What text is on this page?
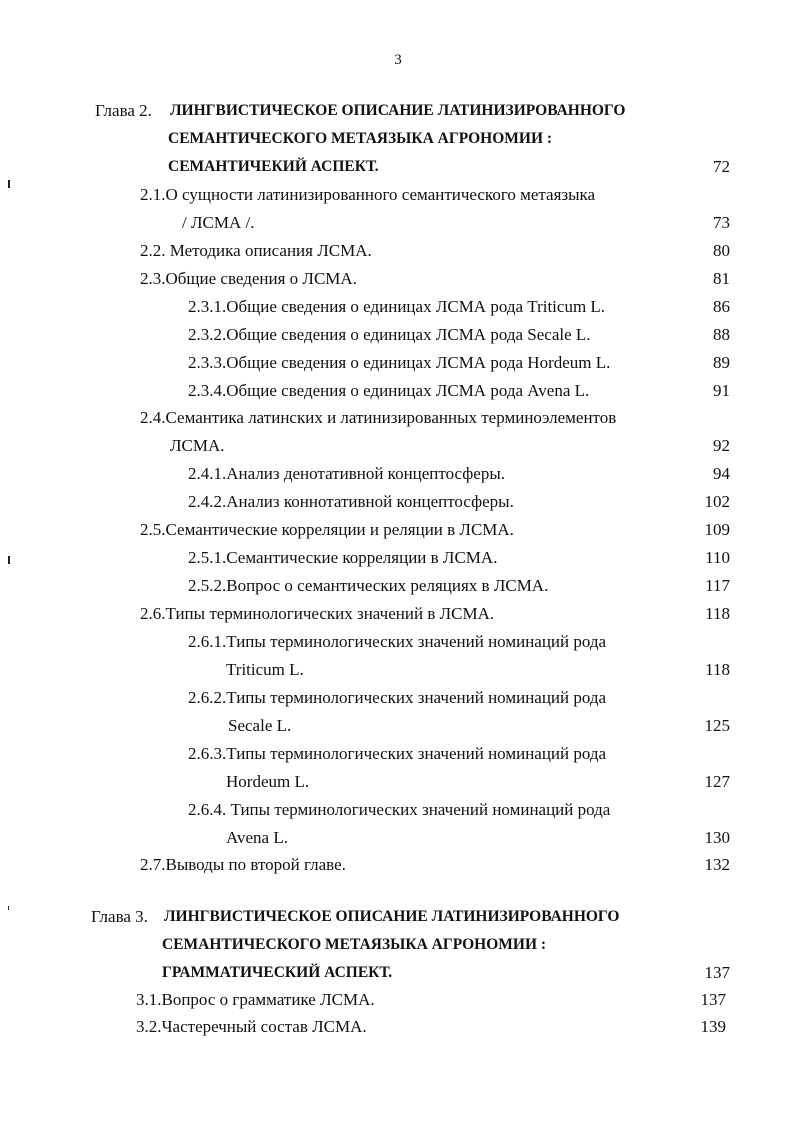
3
Глава 2. ЛИНГВИСТИЧЕСКОЕ ОПИСАНИЕ ЛАТИНИЗИРОВАННОГО
СЕМАНТИЧЕСКОГО МЕТАЯЗЫКА АГРОНОМИИ :
СЕМАНТИЧЕКИЙ АСПЕКТ.	72
2.1.О сущности латинизированного семантического метаязыка
/ ЛСМА /.	73
2.2. Методика описания ЛСМА.	80
2.3.Общие сведения о ЛСМА.	81
2.3.1.Общие сведения о единицах ЛСМА рода Triticum L.	86
2.3.2.Общие сведения о единицах ЛСМА рода Secale L.	88
2.3.3.Общие сведения о единицах ЛСМА рода Hordeum L.	89
2.3.4.Общие сведения о единицах ЛСМА рода Avena L.	91
2.4.Семантика латинских и латинизированных терминоэлементов
ЛСМА.	92
2.4.1.Анализ денотативной концептосферы.	94
2.4.2.Анализ коннотативной концептосферы.	102
2.5.Семантические корреляции и реляции в ЛСМА.	109
2.5.1.Семантические корреляции в ЛСМА.	110
2.5.2.Вопрос о семантических реляциях в ЛСМА.	117
2.6.Типы терминологических значений в ЛСМА.	118
2.6.1.Типы терминологических значений номинаций рода
Triticum L.	118
2.6.2.Типы терминологических значений номинаций рода
Secale L.	125
2.6.3.Типы терминологических значений номинаций рода
Hordeum L.	127
2.6.4. Типы терминологических значений номинаций рода
Avena L.	130
2.7.Выводы по второй главе.	132
Глава 3. ЛИНГВИСТИЧЕСКОЕ ОПИСАНИЕ ЛАТИНИЗИРОВАННОГО
СЕМАНТИЧЕСКОГО МЕТАЯЗЫКА АГРОНОМИИ :
ГРАММАТИЧЕСКИЙ АСПЕКТ.	137
3.1.Вопрос о грамматике ЛСМА.	137
3.2.Частеречный состав ЛСМА.	139
